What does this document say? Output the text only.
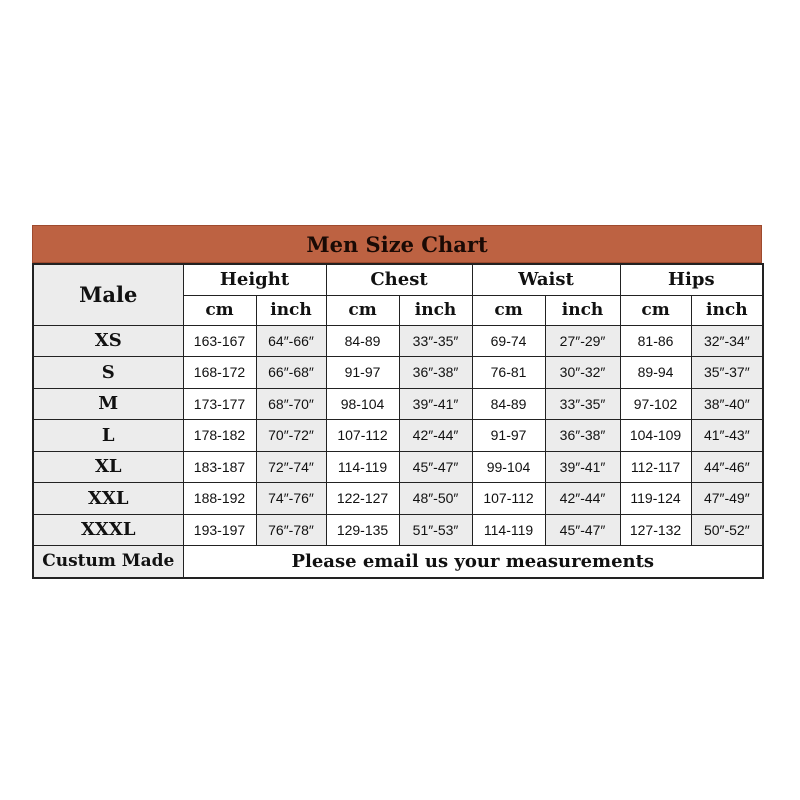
Men Size Chart
Male	Height		Chest		Waist		Hips	
	cm	inch	cm	inch	cm	inch	cm	inch
XS	163-167	64″-66″	84-89	33″-35″	69-74	27″-29″	81-86	32″-34″
S	168-172	66″-68″	91-97	36″-38″	76-81	30″-32″	89-94	35″-37″
M	173-177	68″-70″	98-104	39″-41″	84-89	33″-35″	97-102	38″-40″
L	178-182	70″-72″	107-112	42″-44″	91-97	36″-38″	104-109	41″-43″
XL	183-187	72″-74″	114-119	45″-47″	99-104	39″-41″	112-117	44″-46″
XXL	188-192	74″-76″	122-127	48″-50″	107-112	42″-44″	119-124	47″-49″
XXXL	193-197	76″-78″	129-135	51″-53″	114-119	45″-47″	127-132	50″-52″
Custum Made	Please email us your measurements							
